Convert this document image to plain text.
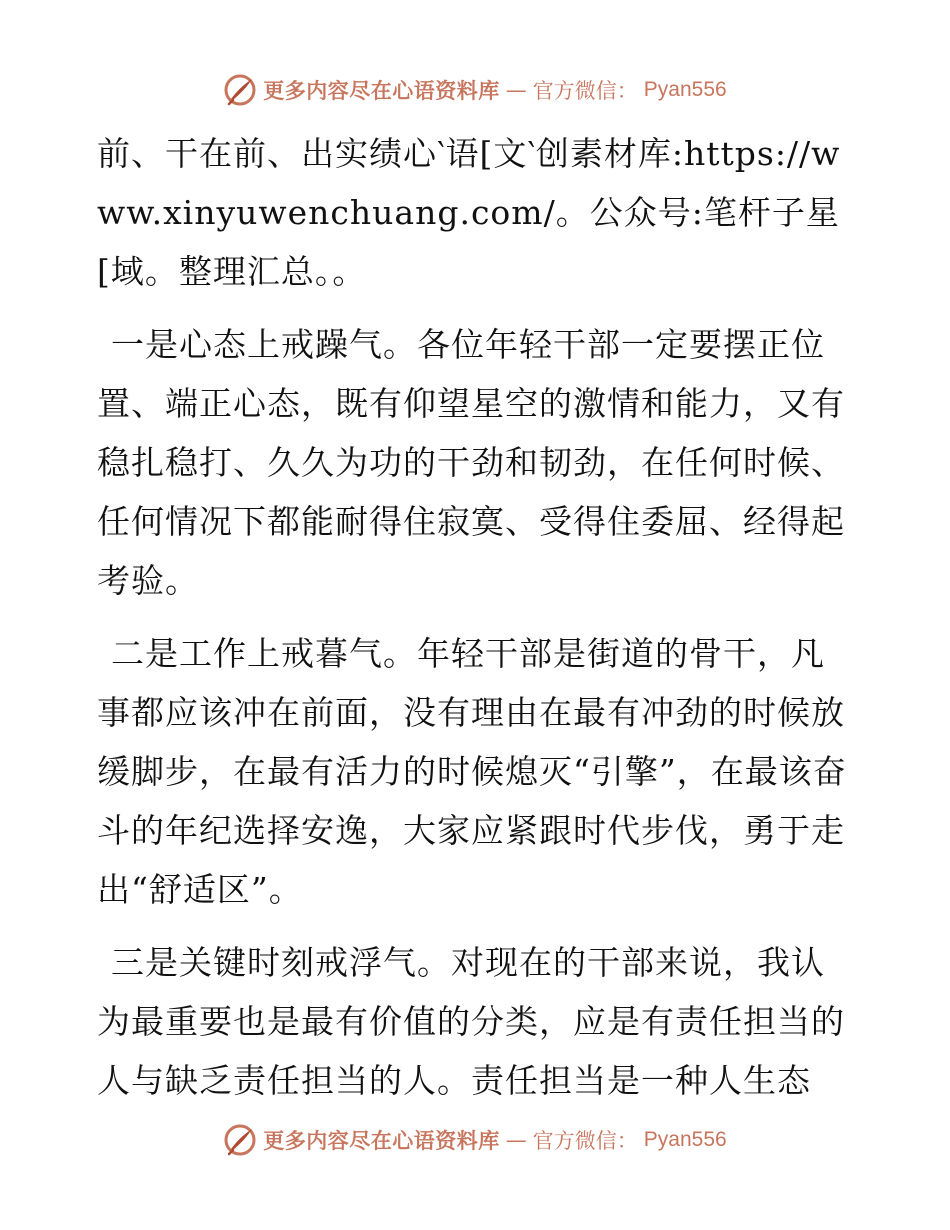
更多内容尽在心语资料库 — 官方微信： Pyan556

前、干在前、出实绩心‵语[文‵创素材库:https://www.xinyuwenchuang.com/。公众号:笔杆子星[域。整理汇总。。

一是心态上戒躁气。各位年轻干部一定要摆正位置、端正心态，既有仰望星空的激情和能力，又有稳扎稳打、久久为功的干劲和韧劲，在任何时候、任何情况下都能耐得住寂寞、受得住委屈、经得起考验。

二是工作上戒暮气。年轻干部是街道的骨干，凡事都应该冲在前面，没有理由在最有冲劲的时候放缓脚步，在最有活力的时候熄灭“引擎”，在最该奋斗的年纪选择安逸，大家应紧跟时代步伐，勇于走出“舒适区”。

三是关键时刻戒浮气。对现在的干部来说，我认为最重要也是最有价值的分类，应是有责任担当的人与缺乏责任担当的人。责任担当是一种人生态

更多内容尽在心语资料库 — 官方微信： Pyan556
